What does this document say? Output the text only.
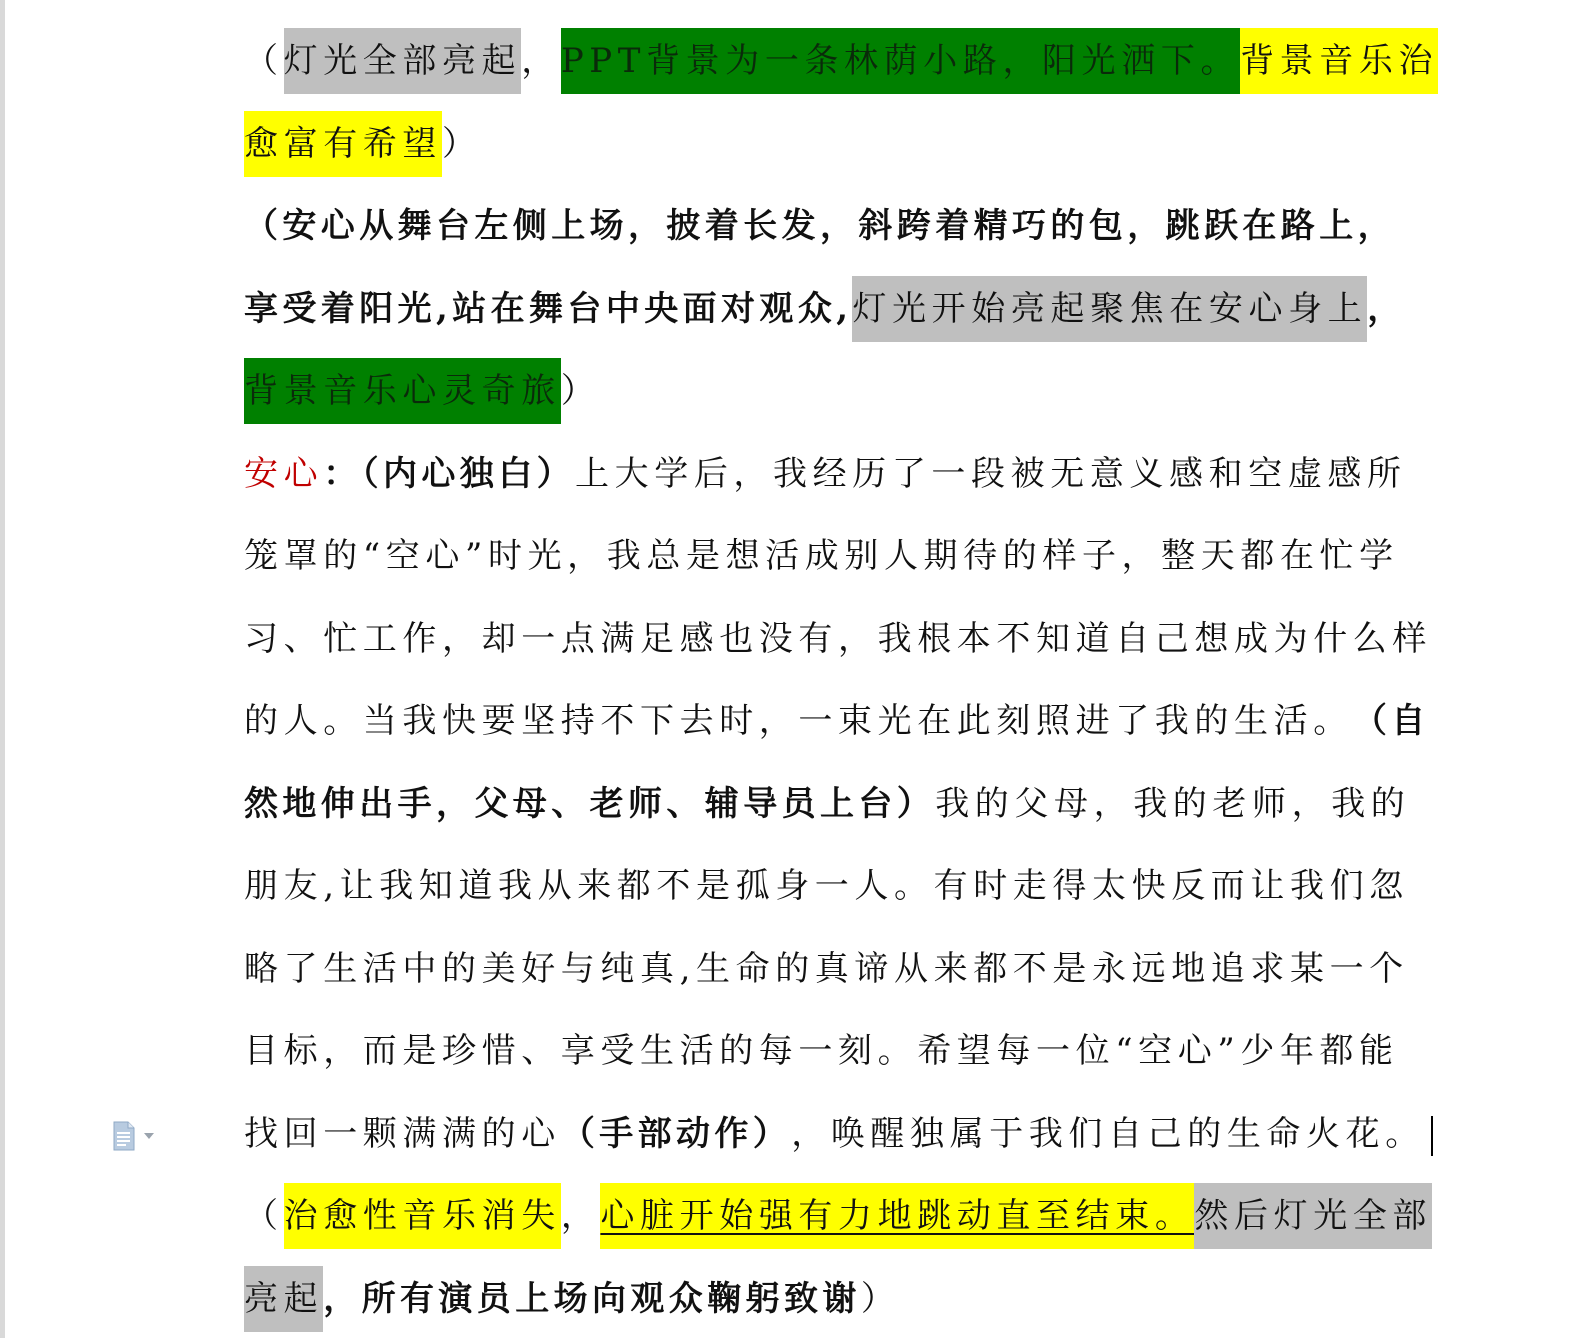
（灯光全部亮起，PPT背景为一条林荫小路，阳光洒下。背景音乐治
愈富有希望）
（安心从舞台左侧上场，披着长发，斜跨着精巧的包，跳跃在路上，
享受着阳光,站在舞台中央面对观众,灯光开始亮起聚焦在安心身上，
背景音乐心灵奇旅）
安心：（内心独白）上大学后，我经历了一段被无意义感和空虚感所
笼罩的“空心”时光，我总是想活成别人期待的样子，整天都在忙学
习、忙工作，却一点满足感也没有，我根本不知道自己想成为什么样
的人。当我快要坚持不下去时，一束光在此刻照进了我的生活。（自
然地伸出手，父母、老师、辅导员上台）我的父母，我的老师，我的
朋友,让我知道我从来都不是孤身一人。有时走得太快反而让我们忽
略了生活中的美好与纯真,生命的真谛从来都不是永远地追求某一个
目标，而是珍惜、享受生活的每一刻。希望每一位“空心”少年都能
找回一颗满满的心（手部动作），唤醒独属于我们自己的生命火花。
（治愈性音乐消失，心脏开始强有力地跳动直至结束。然后灯光全部
亮起，所有演员上场向观众鞠躬致谢）
